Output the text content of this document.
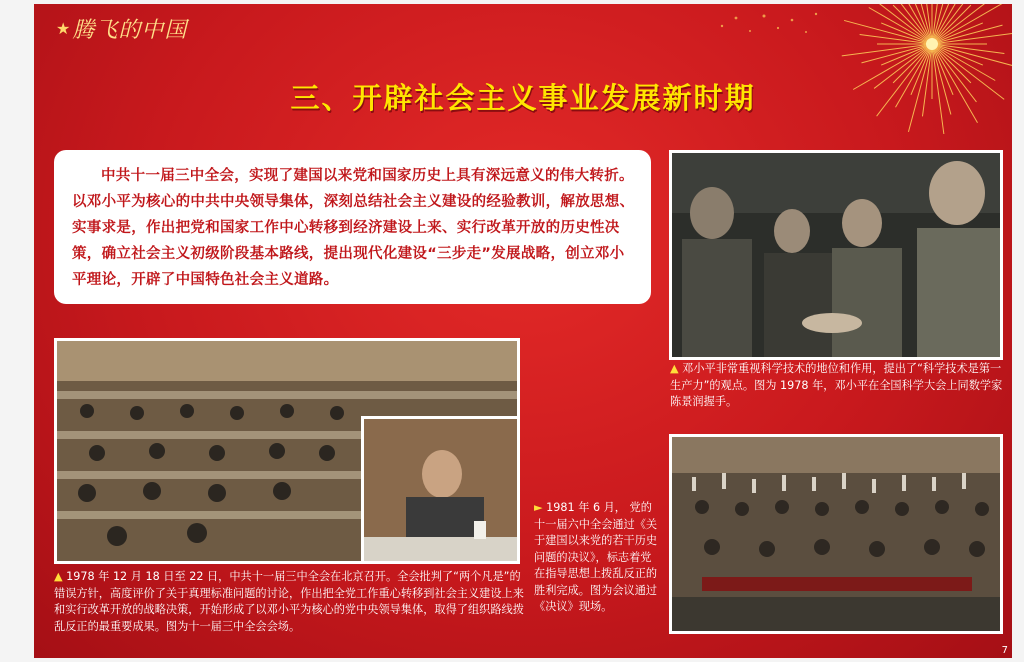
★ 腾飞的中国
三、开辟社会主义事业发展新时期

中共十一届三中全会，实现了建国以来党和国家历史上具有深远意义的伟大转折。以邓小平为核心的中共中央领导集体，深刻总结社会主义建设的经验教训，解放思想、实事求是，作出把党和国家工作中心转移到经济建设上来、实行改革开放的历史性决策，确立社会主义初级阶段基本路线，提出现代化建设“三步走”发展战略，创立邓小平理论，开辟了中国特色社会主义道路。

▲ 邓小平非常重视科学技术的地位和作用，提出了“科学技术是第一生产力”的观点。图为 1978 年，邓小平在全国科学大会上同数学家陈景润握手。
▲ 1978 年 12 月 18 日至 22 日，中共十一届三中全会在北京召开。全会批判了“两个凡是”的错误方针，高度评价了关于真理标准问题的讨论，作出把全党工作重心转移到社会主义建设上来和实行改革开放的战略决策，开始形成了以邓小平为核心的党中央领导集体，取得了组织路线拨乱反正的最重要成果。图为十一届三中全会会场。
► 1981 年 6 月， 党的十一届六中全会通过《关于建国以来党的若干历史问题的决议》，标志着党在指导思想上拨乱反正的胜利完成。图为会议通过《决议》现场。
7
